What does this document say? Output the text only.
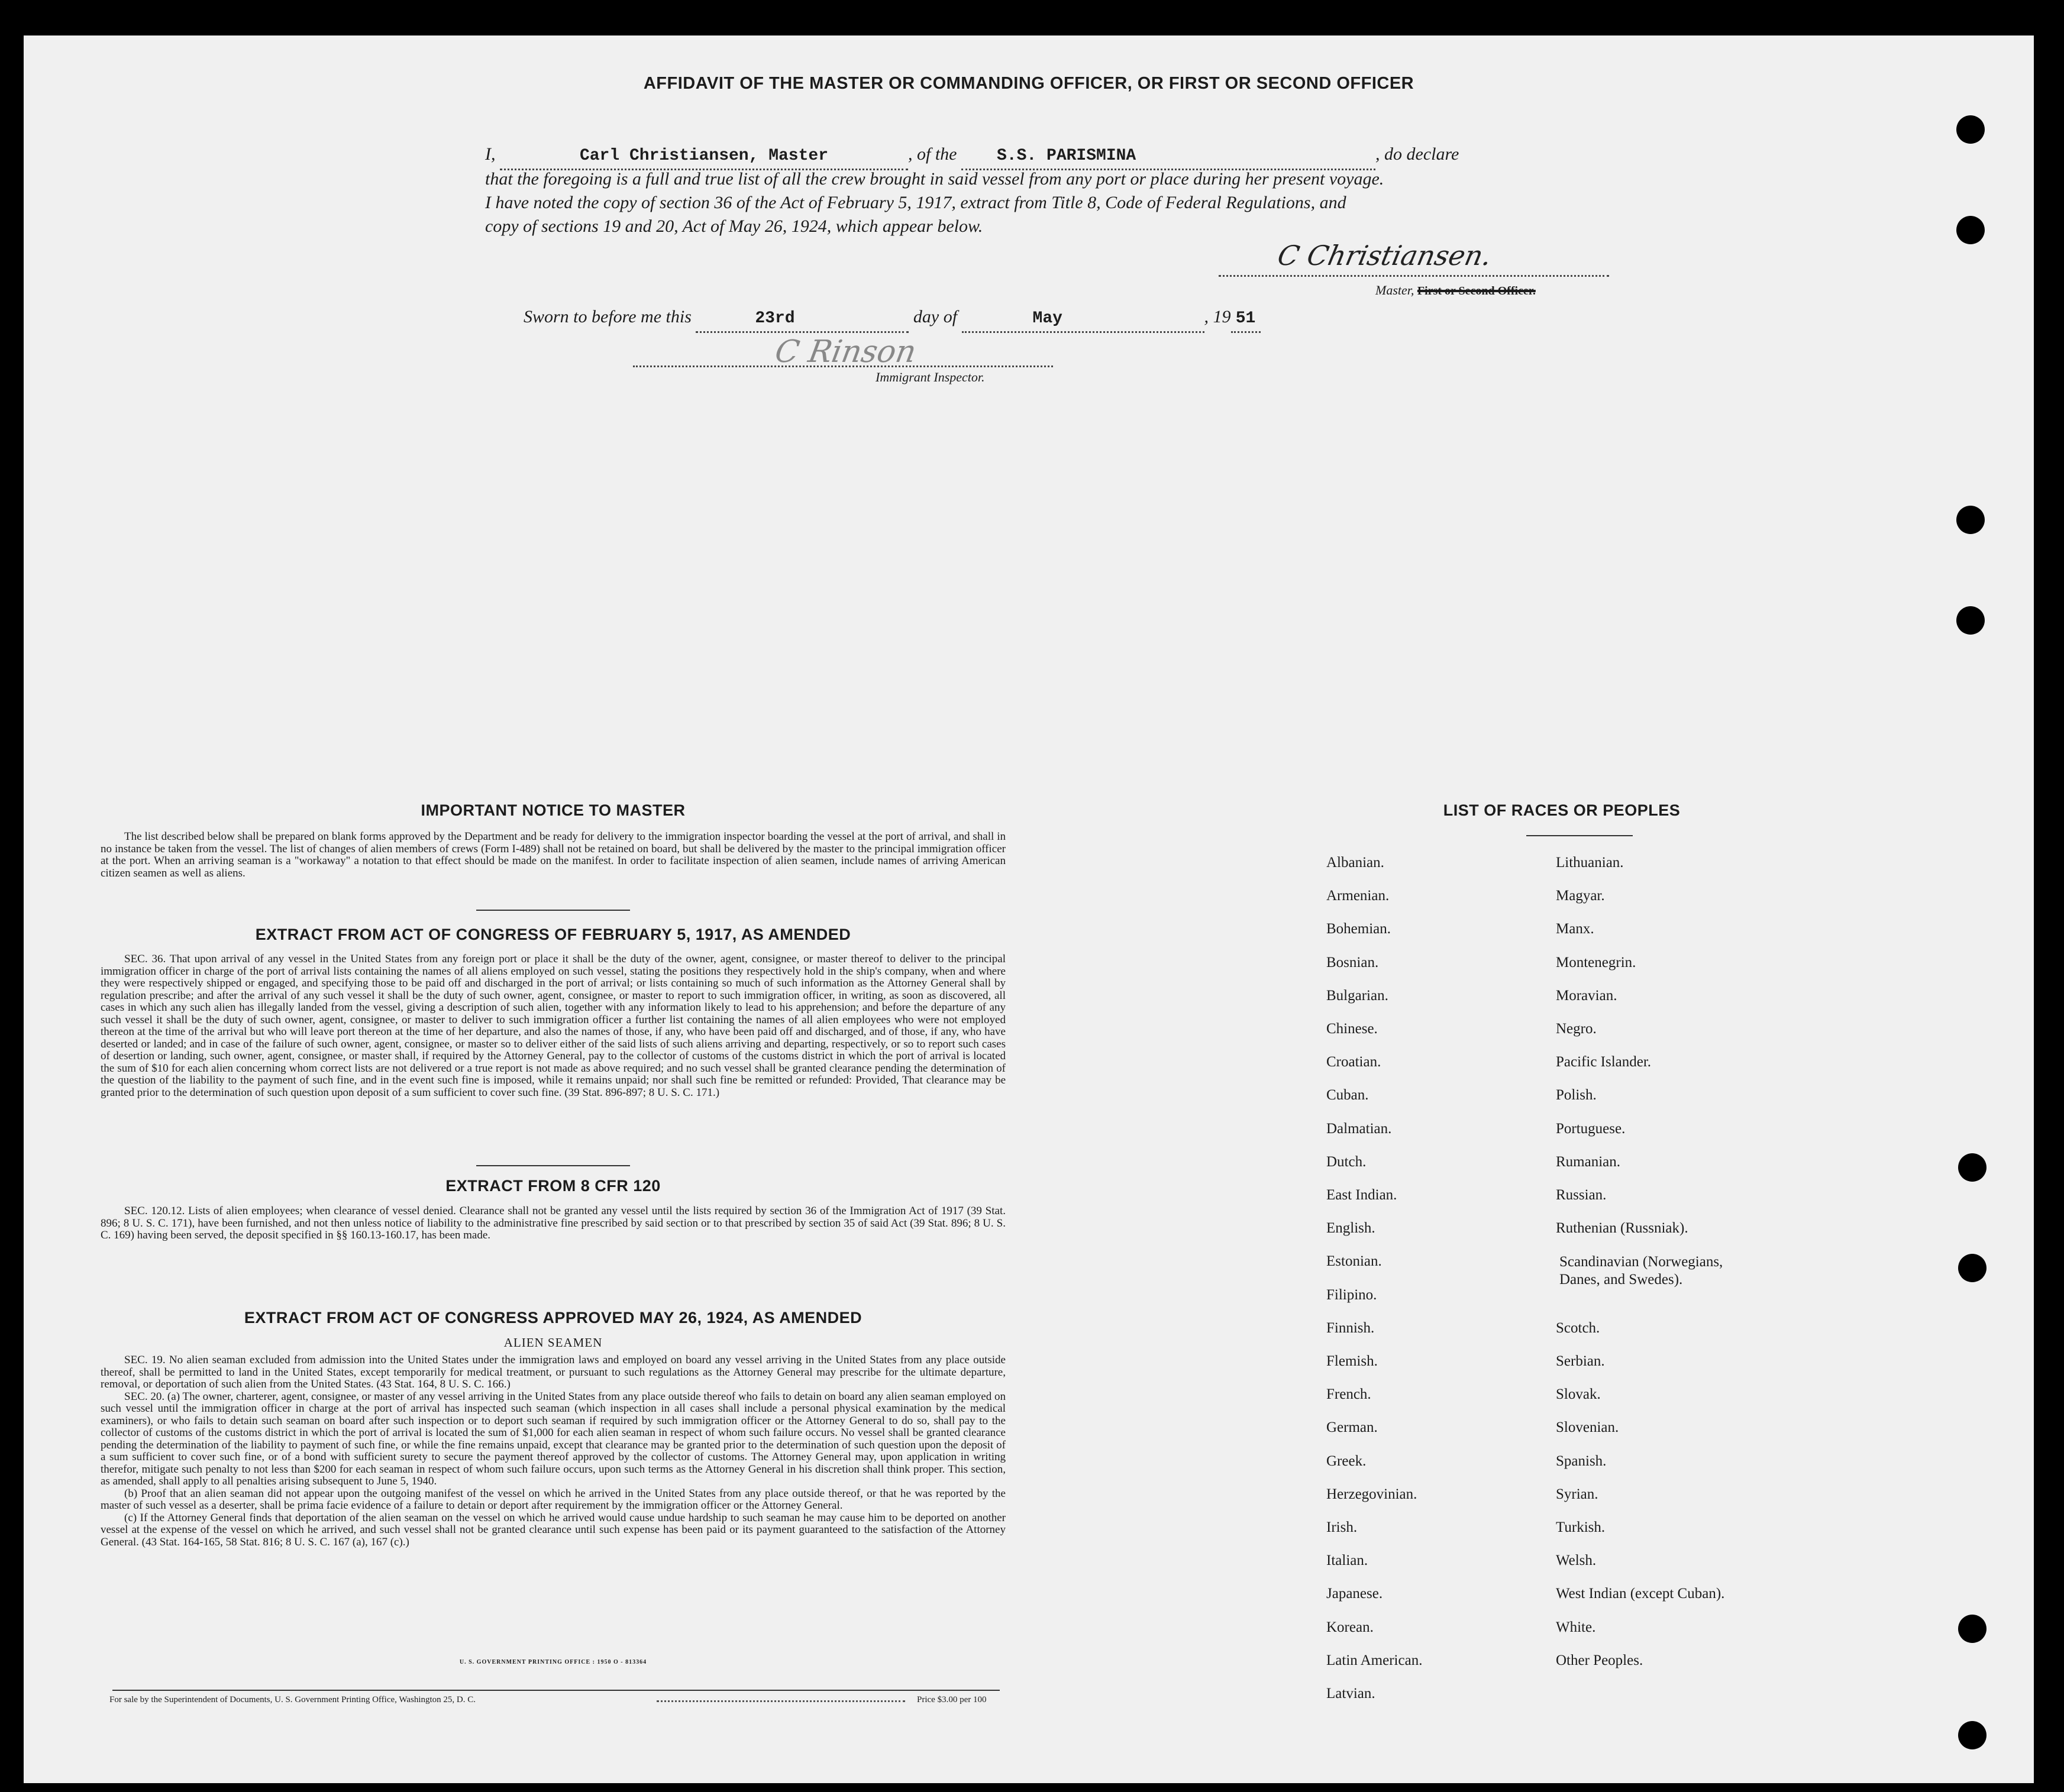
AFFIDAVIT OF THE MASTER OR COMMANDING OFFICER, OR FIRST OR SECOND OFFICER
I,	Carl Christiansen, Master	, of the S.S. PARISMINA	, do declare
that the foregoing is a full and true list of all the crew brought in said vessel from any port or place during her present voyage.
I have noted the copy of section 36 of the Act of February 5, 1917, extract from Title 8, Code of Federal Regulations, and
copy of sections 19 and 20, Act of May 26, 1924, which appear below.
C Christiansen.
Master, First or Second Officer.
Sworn to before me this	23rd	day of	May	, 19 51
C Rinson
Immigrant Inspector.
IMPORTANT NOTICE TO MASTER
The list described below shall be prepared on blank forms approved by the Department and be ready for delivery to the immigration inspector boarding the vessel at the port of arrival, and shall in no instance be taken from the vessel. The list of changes of alien members of crews (Form I-489) shall not be retained on board, but shall be delivered by the master to the principal immigration officer at the port. When an arriving seaman is a "workaway" a notation to that effect should be made on the manifest. In order to facilitate inspection of alien seamen, include names of arriving American citizen seamen as well as aliens.
EXTRACT FROM ACT OF CONGRESS OF FEBRUARY 5, 1917, AS AMENDED
SEC. 36. That upon arrival of any vessel in the United States from any foreign port or place it shall be the duty of the owner, agent, consignee, or master thereof to deliver to the principal immigration officer in charge of the port of arrival lists containing the names of all aliens employed on such vessel, stating the positions they respectively hold in the ship's company, when and where they were respectively shipped or engaged, and specifying those to be paid off and discharged in the port of arrival; or lists containing so much of such information as the Attorney General shall by regulation prescribe; and after the arrival of any such vessel it shall be the duty of such owner, agent, consignee, or master to report to such immigration officer, in writing, as soon as discovered, all cases in which any such alien has illegally landed from the vessel, giving a description of such alien, together with any information likely to lead to his apprehension; and before the departure of any such vessel it shall be the duty of such owner, agent, consignee, or master to deliver to such immigration officer a further list containing the names of all alien employees who were not employed thereon at the time of the arrival but who will leave port thereon at the time of her departure, and also the names of those, if any, who have been paid off and discharged, and of those, if any, who have deserted or landed; and in case of the failure of such owner, agent, consignee, or master so to deliver either of the said lists of such aliens arriving and departing, respectively, or so to report such cases of desertion or landing, such owner, agent, consignee, or master shall, if required by the Attorney General, pay to the collector of customs of the customs district in which the port of arrival is located the sum of $10 for each alien concerning whom correct lists are not delivered or a true report is not made as above required; and no such vessel shall be granted clearance pending the determination of the question of the liability to the payment of such fine, and in the event such fine is imposed, while it remains unpaid; nor shall such fine be remitted or refunded: Provided, That clearance may be granted prior to the determination of such question upon deposit of a sum sufficient to cover such fine. (39 Stat. 896-897; 8 U. S. C. 171.)
EXTRACT FROM 8 CFR 120
SEC. 120.12. Lists of alien employees; when clearance of vessel denied. Clearance shall not be granted any vessel until the lists required by section 36 of the Immigration Act of 1917 (39 Stat. 896; 8 U. S. C. 171), have been furnished, and not then unless notice of liability to the administrative fine prescribed by said section or to that prescribed by section 35 of said Act (39 Stat. 896; 8 U. S. C. 169) having been served, the deposit specified in §§ 160.13-160.17, has been made.
EXTRACT FROM ACT OF CONGRESS APPROVED MAY 26, 1924, AS AMENDED
ALIEN SEAMEN
SEC. 19. No alien seaman excluded from admission into the United States under the immigration laws and employed on board any vessel arriving in the United States from any place outside thereof, shall be permitted to land in the United States, except temporarily for medical treatment, or pursuant to such regulations as the Attorney General may prescribe for the ultimate departure, removal, or deportation of such alien from the United States. (43 Stat. 164, 8 U. S. C. 166.)
SEC. 20. (a) The owner, charterer, agent, consignee, or master of any vessel arriving in the United States from any place outside thereof who fails to detain on board any alien seaman employed on such vessel until the immigration officer in charge at the port of arrival has inspected such seaman (which inspection in all cases shall include a personal physical examination by the medical examiners), or who fails to detain such seaman on board after such inspection or to deport such seaman if required by such immigration officer or the Attorney General to do so, shall pay to the collector of customs of the customs district in which the port of arrival is located the sum of $1,000 for each alien seaman in respect of whom such failure occurs. No vessel shall be granted clearance pending the determination of the liability to payment of such fine, or while the fine remains unpaid, except that clearance may be granted prior to the determination of such question upon the deposit of a sum sufficient to cover such fine, or of a bond with sufficient surety to secure the payment thereof approved by the collector of customs. The Attorney General may, upon application in writing therefor, mitigate such penalty to not less than $200 for each seaman in respect of whom such failure occurs, upon such terms as the Attorney General in his discretion shall think proper. This section, as amended, shall apply to all penalties arising subsequent to June 5, 1940.
(b) Proof that an alien seaman did not appear upon the outgoing manifest of the vessel on which he arrived in the United States from any place outside thereof, or that he was reported by the master of such vessel as a deserter, shall be prima facie evidence of a failure to detain or deport after requirement by the immigration officer or the Attorney General.
(c) If the Attorney General finds that deportation of the alien seaman on the vessel on which he arrived would cause undue hardship to such seaman he may cause him to be deported on another vessel at the expense of the vessel on which he arrived, and such vessel shall not be granted clearance until such expense has been paid or its payment guaranteed to the satisfaction of the Attorney General. (43 Stat. 164-165, 58 Stat. 816; 8 U. S. C. 167 (a), 167 (c).)
U. S. GOVERNMENT PRINTING OFFICE : 1950 O - 813364
For sale by the Superintendent of Documents, U. S. Government Printing Office, Washington 25, D. C.	Price $3.00 per 100
LIST OF RACES OR PEOPLES
Albanian.
Armenian.
Bohemian.
Bosnian.
Bulgarian.
Chinese.
Croatian.
Cuban.
Dalmatian.
Dutch.
East Indian.
English.
Estonian.
Filipino.
Finnish.
Flemish.
French.
German.
Greek.
Herzegovinian.
Irish.
Italian.
Japanese.
Korean.
Latin American.
Latvian.
Lithuanian.
Magyar.
Manx.
Montenegrin.
Moravian.
Negro.
Pacific Islander.
Polish.
Portuguese.
Rumanian.
Russian.
Ruthenian (Russniak).
Scandinavian (Norwegians, Danes, and Swedes).
Scotch.
Serbian.
Slovak.
Slovenian.
Spanish.
Syrian.
Turkish.
Welsh.
West Indian (except Cuban).
White.
Other Peoples.
